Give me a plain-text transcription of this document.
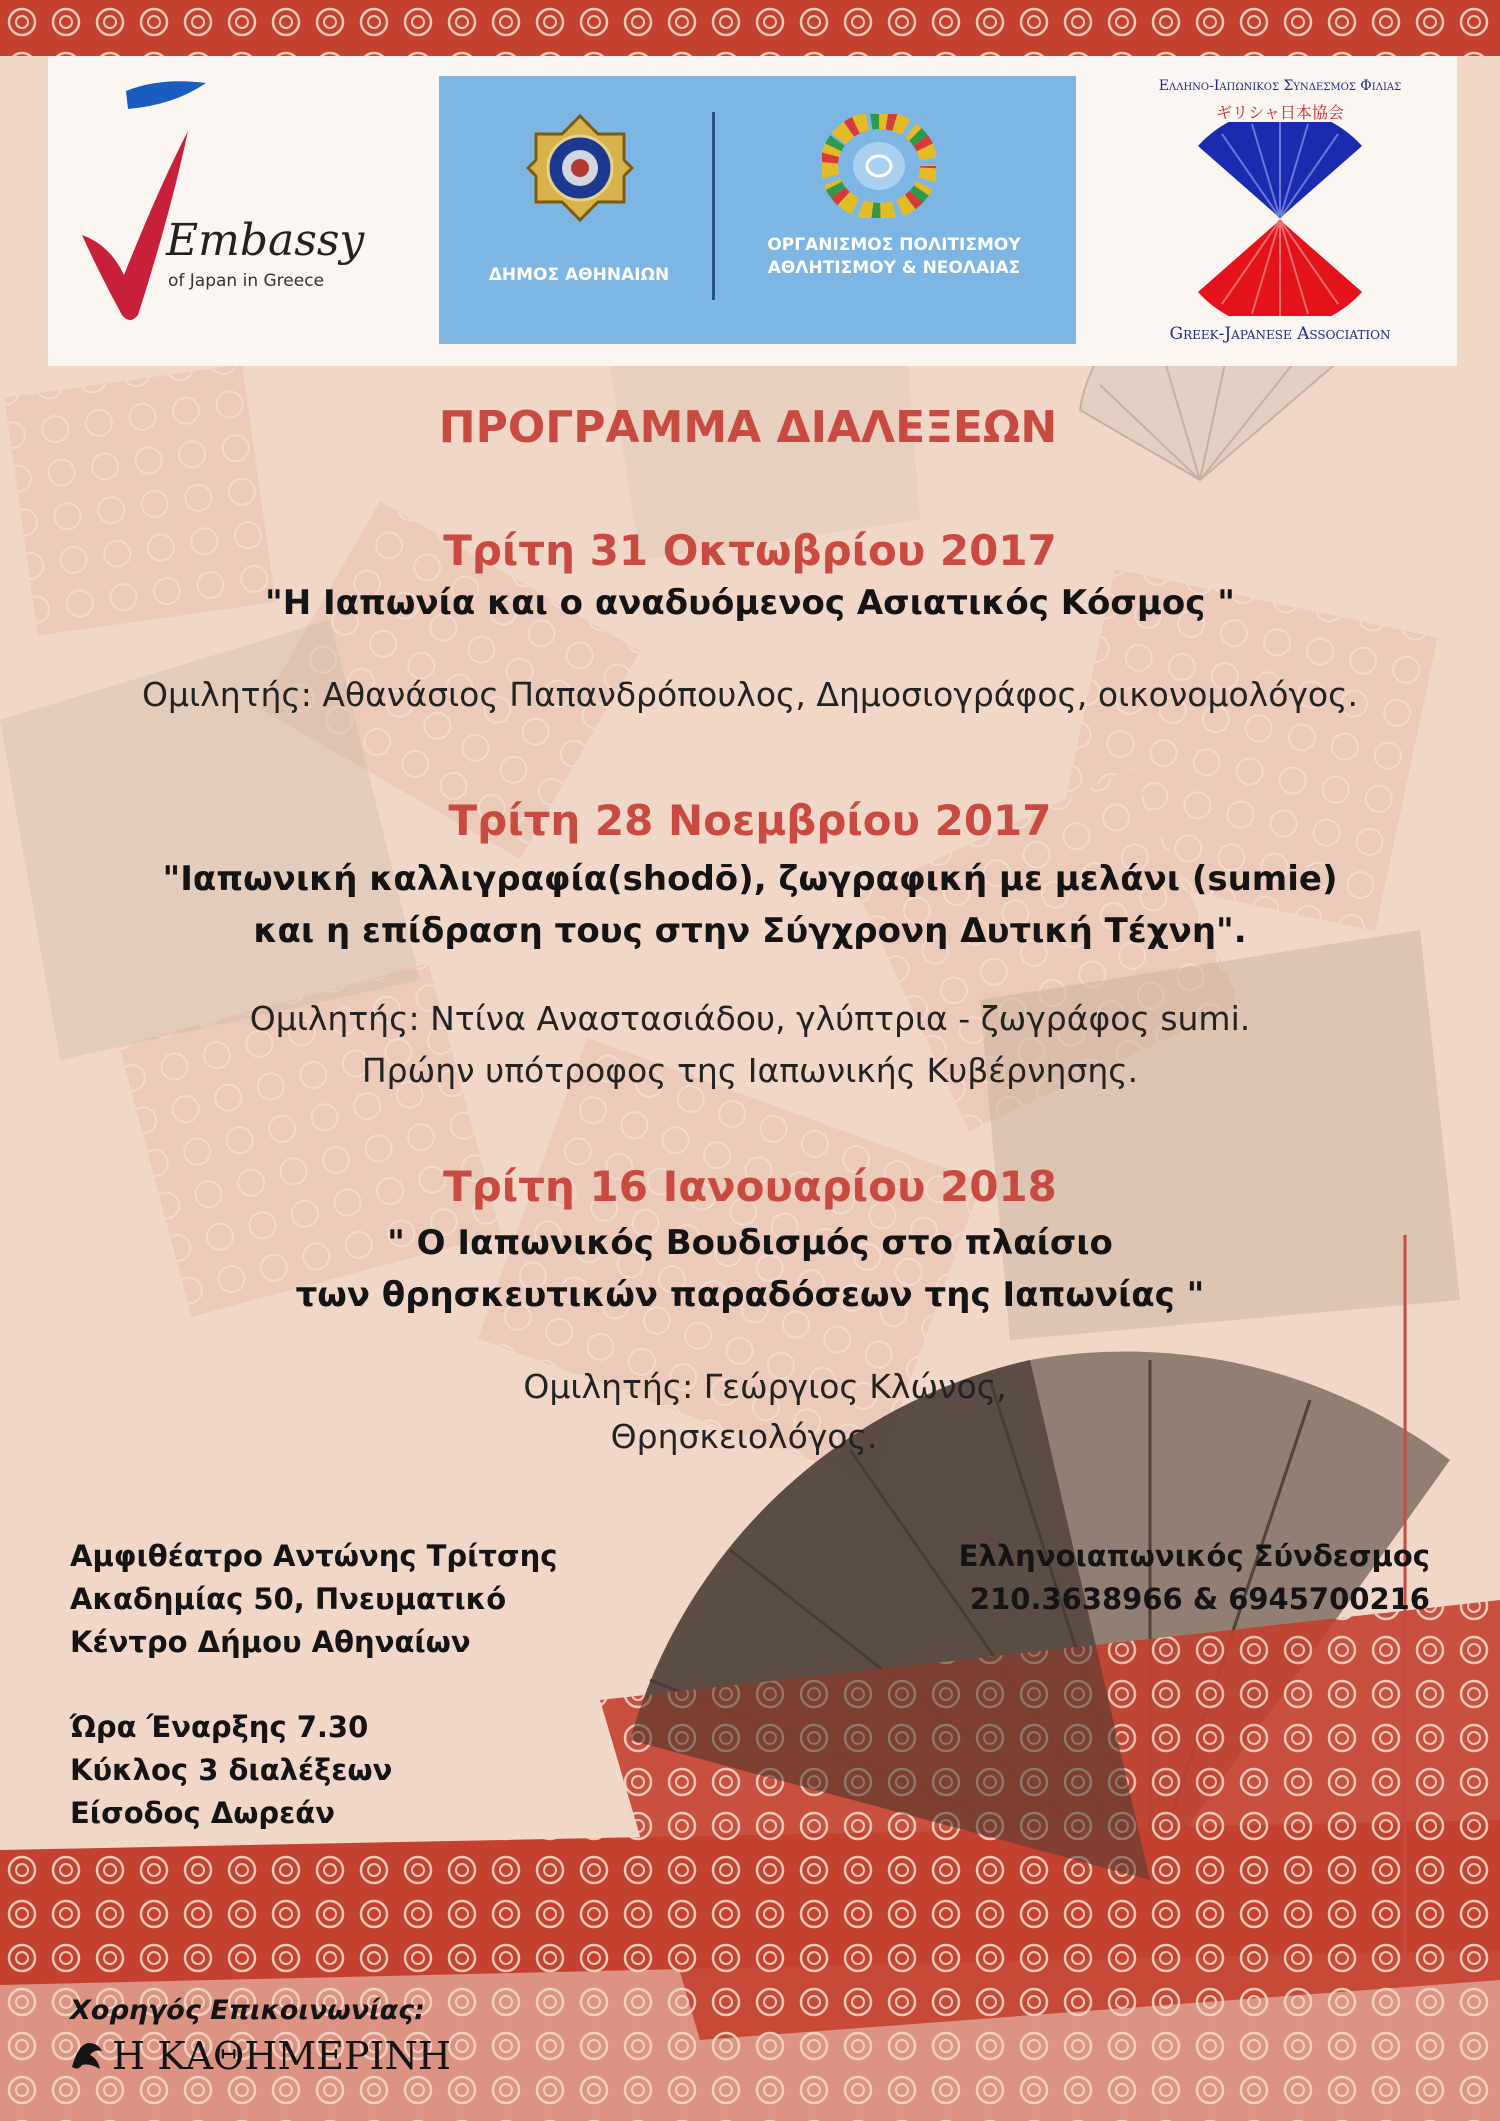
Embassy
of Japan in Greece	ΔΗΜΟΣ ΑΘΗΝΑΙΩΝ
ΟΡΓΑΝΙΣΜΟΣ ΠΟΛΙΤΙΣΜΟΥ
ΑΘΛΗΤΙΣΜΟΥ & ΝΕΟΛΑΙΑΣ
Ελληνο-Ιαπωνικος Συνδεσμος Φιλιας
ギリシャ日本協会
Greek-Japanese Association
ΠΡΟΓΡΑΜΜΑ ΔΙΑΛΕΞΕΩΝ
Τρίτη 31 Οκτωβρίου 2017
"Η Ιαπωνία και ο αναδυόμενος Ασιατικός Κόσμος "
Ομιλητής: Αθανάσιος Παπανδρόπουλος, Δημοσιογράφος, οικονομολόγος.
Τρίτη 28 Νοεμβρίου 2017
"Ιαπωνική καλλιγραφία(shodō), ζωγραφική με μελάνι (sumie)
και η επίδραση τους στην Σύγχρονη Δυτική Τέχνη".
Ομιλητής: Ντίνα Αναστασιάδου, γλύπτρια - ζωγράφος sumi.
Πρώην υπότροφος της Ιαπωνικής Κυβέρνησης.
Τρίτη 16 Ιανουαρίου 2018
" Ο Ιαπωνικός Βουδισμός στο πλαίσιο
των θρησκευτικών παραδόσεων της Ιαπωνίας "
Ομιλητής: Γεώργιος Κλώνος,
Θρησκειολόγος.
Αμφιθέατρο Αντώνης Τρίτσης
Ακαδημίας 50, Πνευματικό
Κέντρο Δήμου Αθηναίων
Ελληνοιαπωνικός Σύνδεσμος
210.3638966 & 6945700216
Ώρα Έναρξης 7.30
Κύκλος 3 διαλέξεων
Είσοδος Δωρεάν
Χορηγός Επικοινωνίας:
Η ΚΑΘΗΜΕΡΙΝΗ
